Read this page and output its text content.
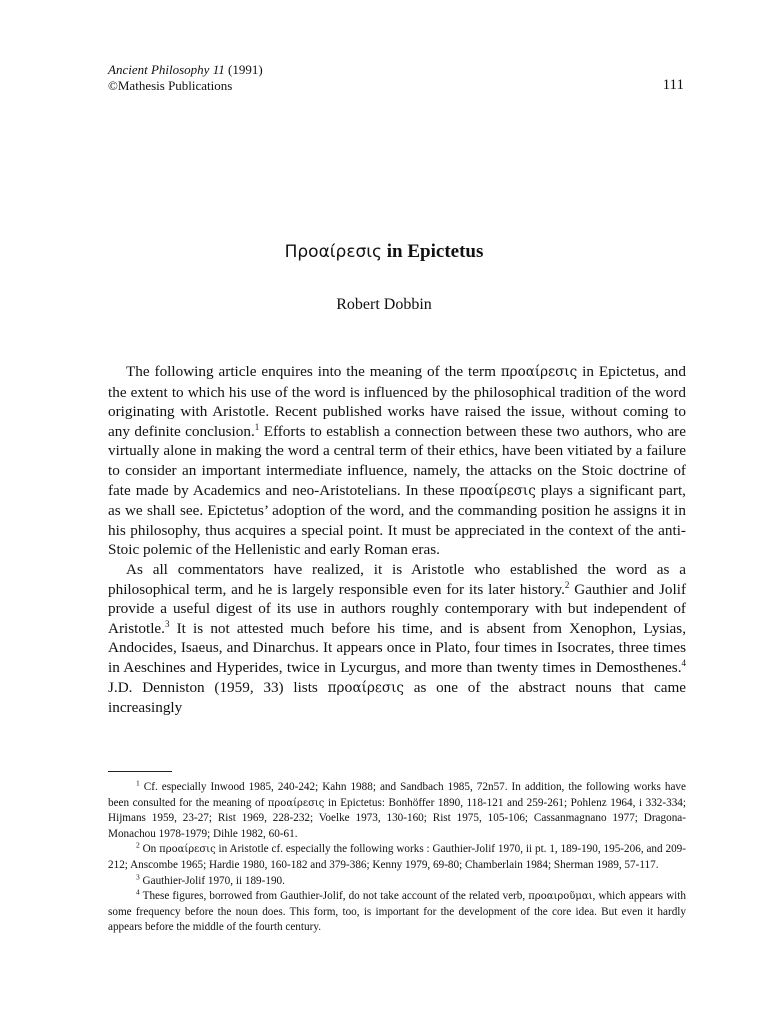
Ancient Philosophy 11 (1991)
©Mathesis Publications	111
Προαίρεσις in Epictetus
Robert Dobbin

The following article enquires into the meaning of the term προαίρεσις in Epictetus, and the extent to which his use of the word is influenced by the philosophical tradition of the word originating with Aristotle. Recent published works have raised the issue, without coming to any definite conclusion.$^1$ Efforts to establish a connection between these two authors, who are virtually alone in making the word a central term of their ethics, have been vitiated by a failure to consider an important intermediate influence, namely, the attacks on the Stoic doctrine of fate made by Academics and neo-Aristotelians. In these προαίρεσις plays a significant part, as we shall see. Epictetus’ adoption of the word, and the commanding position he assigns it in his philosophy, thus acquires a special point. It must be appreciated in the context of the anti-Stoic polemic of the Hellenistic and early Roman eras.

As all commentators have realized, it is Aristotle who established the word as a philosophical term, and he is largely responsible even for its later history.$^2$ Gauthier and Jolif provide a useful digest of its use in authors roughly contemporary with but independent of Aristotle.$^3$ It is not attested much before his time, and is absent from Xenophon, Lysias, Andocides, Isaeus, and Dinarchus. It appears once in Plato, four times in Isocrates, three times in Aeschines and Hyperides, twice in Lycurgus, and more than twenty times in Demosthenes.$^4$ J.D. Denniston (1959, 33) lists προαίρεσις as one of the abstract nouns that came increasingly

$^1$ Cf. especially Inwood 1985, 240-242; Kahn 1988; and Sandbach 1985, 72n57. In addition, the following works have been consulted for the meaning of προαίρεσις in Epictetus: Bonhöffer 1890, 118-121 and 259-261; Pohlenz 1964, i 332-334; Hijmans 1959, 23-27; Rist 1969, 228-232; Voelke 1973, 130-160; Rist 1975, 105-106; Cassanmagnano 1977; Dragona-Monachou 1978-1979; Dihle 1982, 60-61.

$^2$ On προαίρεσις in Aristotle cf. especially the following works : Gauthier-Jolif 1970, ii pt. 1, 189-190, 195-206, and 209-212; Anscombe 1965; Hardie 1980, 160-182 and 379-386; Kenny 1979, 69-80; Chamberlain 1984; Sherman 1989, 57-117.

$^3$ Gauthier-Jolif 1970, ii 189-190.

$^4$ These figures, borrowed from Gauthier-Jolif, do not take account of the related verb, προαιροῦμαι, which appears with some frequency before the noun does. This form, too, is important for the development of the core idea. But even it hardly appears before the middle of the fourth century.
